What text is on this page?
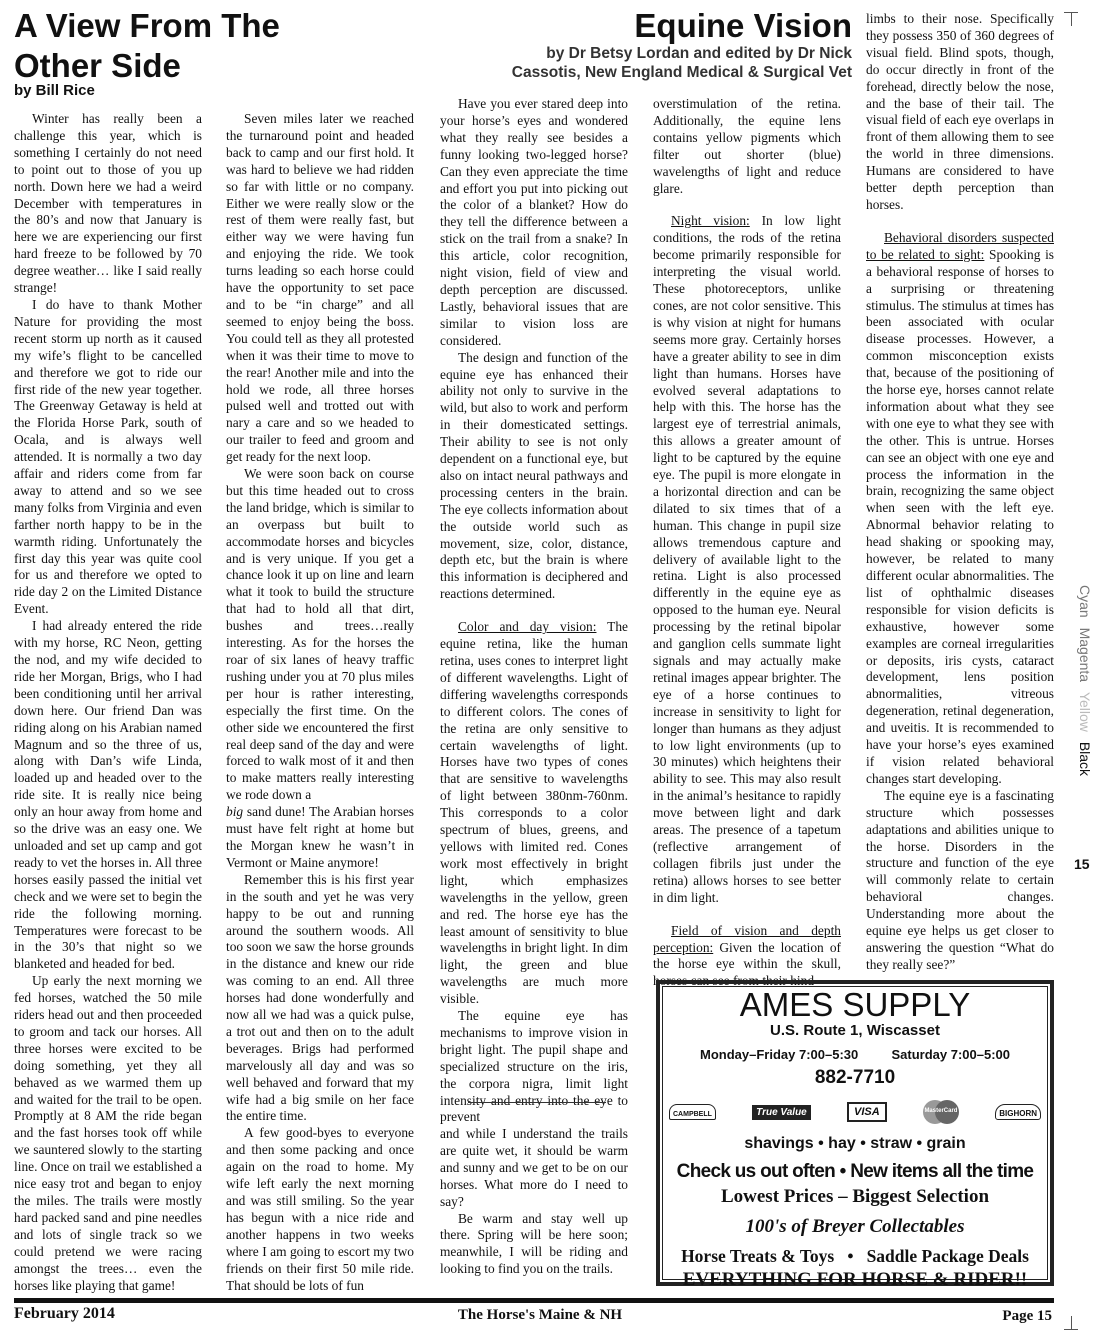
A View From The
Other Side
by Bill Rice
Equine Vision
by Dr Betsy Lordan and edited by Dr Nick
Cassotis, New England Medical & Surgical Vet

Winter has really been a challenge this year, which is something I certainly do not need to point out to those of you up north. Down here we had a weird December with temperatures in the 80’s and now that January is here we are experiencing our first hard freeze to be followed by 70 degree weather… like I said really strange!

I do have to thank Mother Nature for providing the most recent storm up north as it caused my wife’s flight to be cancelled and therefore we got to ride our first ride of the new year together. The Greenway Getaway is held at the Florida Horse Park, south of Ocala, and is always well attended. It is normally a two day affair and riders come from far away to attend and so we see many folks from Virginia and even farther north happy to be in the warmth riding. Unfortunately the first day this year was quite cool for us and therefore we opted to ride day 2 on the Limited Distance Event.

I had already entered the ride with my horse, RC Neon, getting the nod, and my wife decided to ride her Morgan, Brigs, who I had been conditioning until her arrival down here. Our friend Dan was riding along on his Arabian named Magnum and so the three of us, along with Dan’s wife Linda, loaded up and headed over to the ride site. It is really nice being only an hour away from home and so the drive was an easy one. We unloaded and set up camp and got ready to vet the horses in. All three horses easily passed the initial vet check and we were set to begin the ride the following morning. Temperatures were forecast to be in the 30’s that night so we blanketed and headed for bed.

Up early the next morning we fed horses, watched the 50 mile riders head out and then proceeded to groom and tack our horses. All three horses were excited to be doing something, yet they all behaved as we warmed them up and waited for the trail to be open. Promptly at 8 AM the ride began and the fast horses took off while we sauntered slowly to the starting line. Once on trail we established a nice easy trot and began to enjoy the miles. The trails were mostly hard packed sand and pine needles and lots of single track so we could pretend we were racing amongst the trees… even the horses like playing that game!

Seven miles later we reached the turnaround point and headed back to camp and our first hold. It was hard to believe we had ridden so far with little or no company. Either we were really slow or the rest of them were really fast, but either way we were having fun and enjoying the ride. We took turns leading so each horse could have the opportunity to set pace and to be “in charge” and all seemed to enjoy being the boss. You could tell as they all protested when it was their time to move to the rear! Another mile and into the hold we rode, all three horses pulsed well and trotted out with nary a care and so we headed to our trailer to feed and groom and get ready for the next loop.

We were soon back on course but this time headed out to cross the land bridge, which is similar to an overpass but built to accommodate horses and bicycles and is very unique. If you get a chance look it up on line and learn what it took to build the structure that had to hold all that dirt, bushes and trees…really interesting. As for the horses the roar of six lanes of heavy traffic rushing under you at 70 plus miles per hour is rather interesting, especially the first time. On the other side we encountered the first real deep sand of the day and were forced to walk most of it and then to make matters really interesting we rode down a

big sand dune! The Arabian horses must have felt right at home but the Morgan knew he wasn’t in Vermont or Maine anymore!

Remember this is his first year in the south and yet he was very happy to be out and running around the southern woods. All too soon we saw the horse grounds in the distance and knew our ride was coming to an end. All three horses had done wonderfully and now all we had was a quick pulse, a trot out and then on to the adult beverages. Brigs had performed marvelously all day and was so well behaved and forward that my wife had a big smile on her face the entire time.

A few good-byes to everyone and then some packing and once again on the road to home. My wife left early the next morning and was still smiling. So the year has begun with a nice ride and another happens in two weeks where I am going to escort my two friends on their first 50 mile ride. That should be lots of fun

Have you ever stared deep into your horse’s eyes and wondered what they really see besides a funny looking two-legged horse? Can they even appreciate the time and effort you put into picking out the color of a blanket? How do they tell the difference between a stick on the trail from a snake? In this article, color recognition, night vision, field of view and depth perception are discussed. Lastly, behavioral issues that are similar to vision loss are considered.

The design and function of the equine eye has enhanced their ability not only to survive in the wild, but also to work and perform in their domesticated settings. Their ability to see is not only dependent on a functional eye, but also on intact neural pathways and processing centers in the brain. The eye collects information about the outside world such as movement, size, color, distance, depth etc, but the brain is where this information is deciphered and reactions determined.

Color and day vision: The equine retina, like the human retina, uses cones to interpret light of different wavelengths. Light of differing wavelengths corresponds to different colors. The cones of the retina are only sensitive to certain wavelengths of light. Horses have two types of cones that are sensitive to wavelengths of light between 380nm-760nm. This corresponds to a color spectrum of blues, greens, and yellows with limited red. Cones work most effectively in bright light, which emphasizes wavelengths in the yellow, green and red. The horse eye has the least amount of sensitivity to blue wavelengths in bright light. In dim light, the green and blue wavelengths are much more visible.

The equine eye has mechanisms to improve vision in bright light. The pupil shape and specialized structure on the iris, the corpora nigra, limit light intensity and entry into the eye to prevent

and while I understand the trails are quite wet, it should be warm and sunny and we get to be on our horses. What more do I need to say?

Be warm and stay well up there. Spring will be here soon; meanwhile, I will be riding and looking to find you on the trails.

overstimulation of the retina. Additionally, the equine lens contains yellow pigments which filter out shorter (blue) wavelengths of light and reduce glare.

Night vision: In low light conditions, the rods of the retina become primarily responsible for interpreting the visual world. These photoreceptors, unlike cones, are not color sensitive. This is why vision at night for humans seems more gray. Certainly horses have a greater ability to see in dim light than humans. Horses have evolved several adaptations to help with this. The horse has the largest eye of terrestrial animals, this allows a greater amount of light to be captured by the equine eye. The pupil is more elongate in a horizontal direction and can be dilated to six times that of a human. This change in pupil size allows tremendous capture and delivery of available light to the retina. Light is also processed differently in the equine eye as opposed to the human eye. Neural processing by the retinal bipolar and ganglion cells summate light signals and may actually make retinal images appear brighter. The eye of a horse continues to increase in sensitivity to light for longer than humans as they adjust to low light environments (up to 30 minutes) which heightens their ability to see. This may also result in the animal’s hesitance to rapidly move between light and dark areas. The presence of a tapetum (reflective arrangement of collagen fibrils just under the retina) allows horses to see better in dim light.

Field of vision and depth perception: Given the location of the horse eye within the skull, horses can see from their hind

limbs to their nose. Specifically they possess 350 of 360 degrees of visual field. Blind spots, though, do occur directly in front of the forehead, directly below the nose, and the base of their tail. The visual field of each eye overlaps in front of them allowing them to see the world in three dimensions. Humans are considered to have better depth perception than horses.

Behavioral disorders suspected to be related to sight: Spooking is a behavioral response of horses to a surprising or threatening stimulus. The stimulus at times has been associated with ocular disease processes. However, a common misconception exists that, because of the positioning of the horse eye, horses cannot relate information about what they see with one eye to what they see with the other. This is untrue. Horses can see an object with one eye and process the information in the brain, recognizing the same object when seen with the left eye. Abnormal behavior relating to head shaking or spooking may, however, be related to many different ocular abnormalities. The list of ophthalmic diseases responsible for vision deficits is exhaustive, however some examples are corneal irregularities or deposits, iris cysts, cataract development, lens position abnormalities, vitreous degeneration, retinal degeneration, and uveitis. It is recommended to have your horse’s eyes examined if vision related behavioral changes start developing.

The equine eye is a fascinating structure which possesses adaptations and abilities unique to the horse. Disorders in the structure and function of the eye will commonly relate to certain behavioral changes. Understanding more about the equine eye helps us get closer to answering the question “What do they really see?”

AMES SUPPLY
U.S. Route 1, Wiscasset
Monday–Friday 7:00–5:30	Saturday 7:00–5:00
882-7710
CAMPBELL	True Value	VISA	MasterCard	BIGHORN
shavings • hay • straw • grain
Check us out often • New items all the time
Lowest Prices – Biggest Selection
100's of Breyer Collectables
Horse Treats & Toys   •   Saddle Package Deals
EVERYTHING FOR HORSE & RIDER!!
February 2014	The Horse's Maine & NH	Page 15
Cyan Magenta Yellow Black
15
